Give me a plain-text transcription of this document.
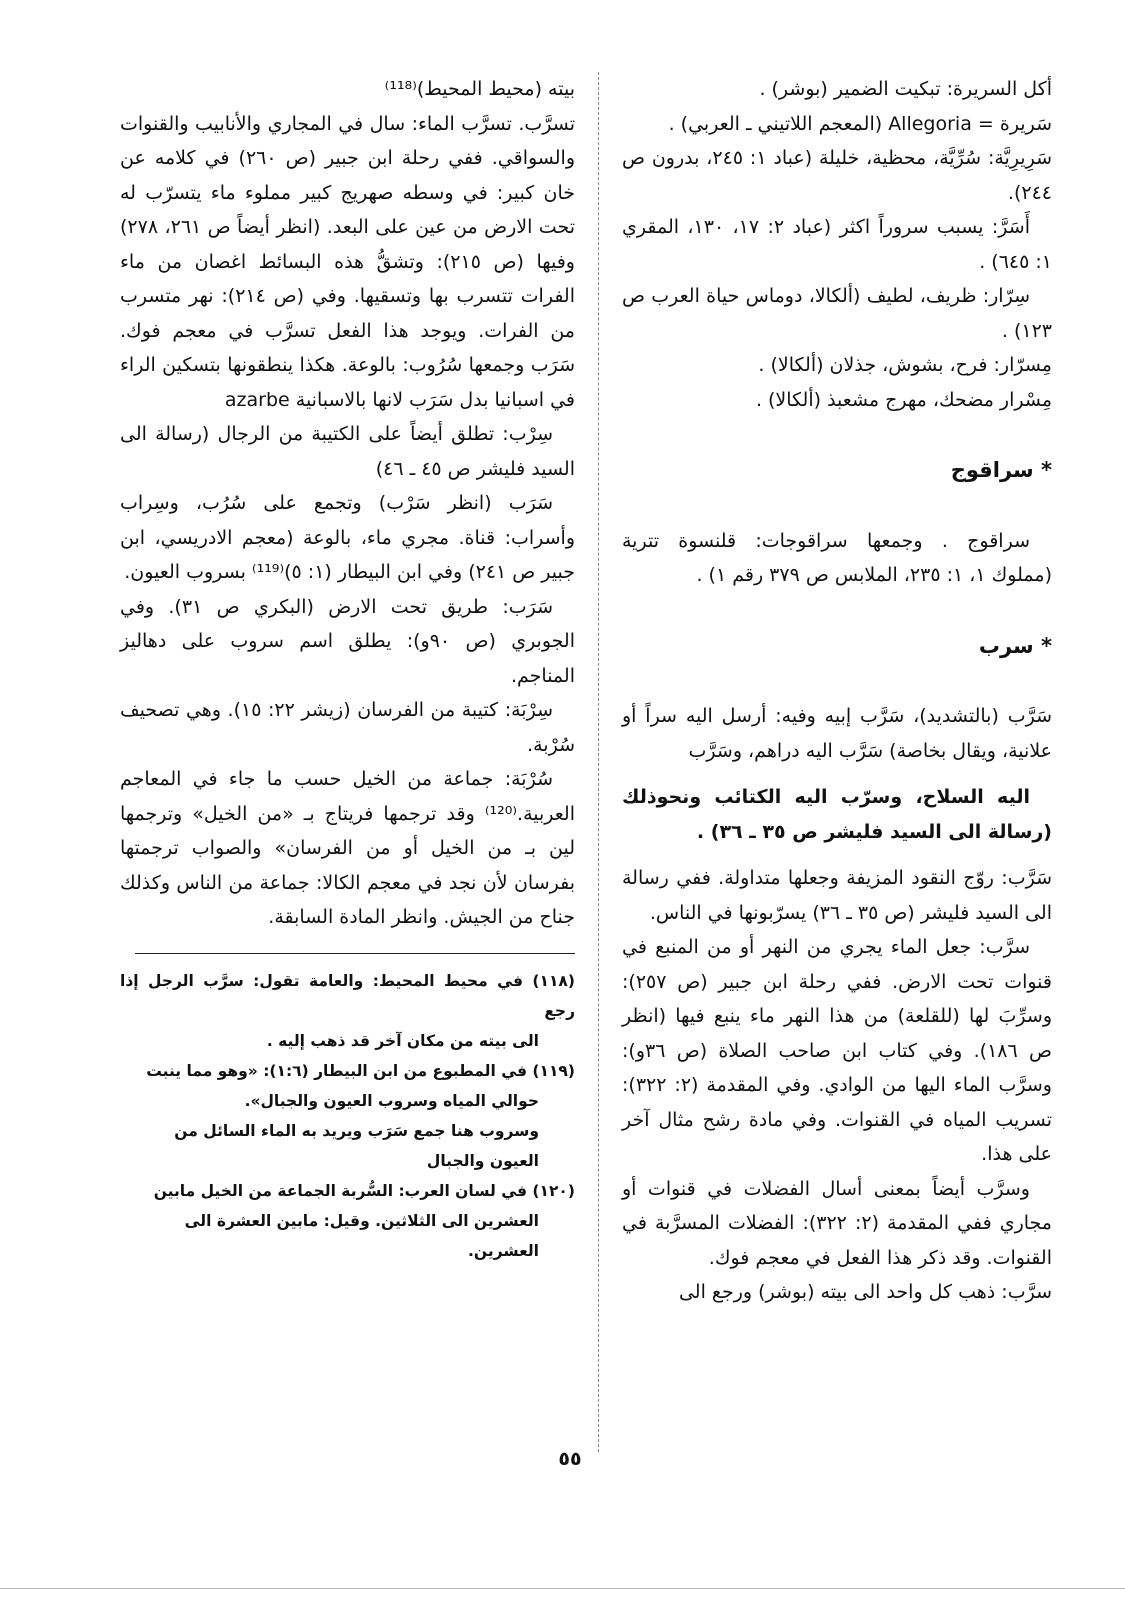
أكل السريرة: تبكيت الضمير (بوشر) .

سَريرة = Allegoria (المعجم اللاتيني ـ العربي) .

سَرِيرِيَّة: سُرِّيَّة، محظية، خليلة (عباد ١: ٢٤٥، بدرون ص ٢٤٤).

أَسَرَّ: يسبب سروراً اكثر (عباد ٢: ١٧، ١٣٠، المقري ١: ٦٤٥) .

سِرّار: ظريف، لطيف (ألكالا، دوماس حياة العرب ص ١٢٣) .

مِسرّار: فرح، بشوش، جذلان (ألكالا) .

مِسْرار مضحك، مهرج مشعبذ (ألكالا) .

* سراقوج

سراقوج . وجمعها سراقوجات: قلنسوة تترية (مملوك ١، ١: ٢٣٥، الملابس ص ٣٧٩ رقم ١) .

* سرب

سَرَّب (بالتشديد)، سَرَّب إبيه وفيه: أرسل اليه سراً أو علانية، ويقال بخاصة) سَرَّب اليه دراهم، وسَرَّب

اليه السلاح، وسرّب اليه الكتائب ونحوذلك (رسالة الى السيد فليشر ص ٣٥ ـ ٣٦) .

سَرَّب: روّج النقود المزيفة وجعلها متداولة. ففي رسالة الى السيد فليشر (ص ٣٥ ـ ٣٦) يسرّبونها في الناس.

سرَّب: جعل الماء يجري من النهر أو من المنبع في قنوات تحت الارض. ففي رحلة ابن جبير (ص ٢٥٧): وسرِّبَ لها (للقلعة) من هذا النهر ماء ينبع فيها (انظر ص ١٨٦). وفي كتاب ابن صاحب الصلاة (ص ٣٦و): وسرَّب الماء اليها من الوادي. وفي المقدمة (٢: ٣٢٢): تسريب المياه في القنوات. وفي مادة رشح مثال آخر على هذا.

وسرَّب أيضاً بمعنى أسال الفضلات في قنوات أو مجاري ففي المقدمة (٢: ٣٢٢): الفضلات المسرَّبة في القنوات. وقد ذكر هذا الفعل في معجم فوك.

سرَّب: ذهب كل واحد الى بيته (بوشر) ورجع الى

بيته (محيط المحيط)⁽¹¹⁸⁾

تسرَّب. تسرَّب الماء: سال في المجاري والأنابيب والقنوات والسواقي. ففي رحلة ابن جبير (ص ٢٦٠) في كلامه عن خان كبير: في وسطه صهريج كبير مملوء ماء يتسرّب له تحت الارض من عين على البعد. (انظر أيضاً ص ٢٦١، ٢٧٨) وفيها (ص ٢١٥): وتشقُّ هذه البسائط اغصان من ماء الفرات تتسرب بها وتسقيها. وفي (ص ٢١٤): نهر متسرب من الفرات. ويوجد هذا الفعل تسرَّب في معجم فوك. سَرَب وجمعها سُرُوب: بالوعة. هكذا ينطقونها بتسكين الراء في اسبانيا بدل سَرَب لانها بالاسبانية azarbe

سِرْب: تطلق أيضاً على الكتيبة من الرجال (رسالة الى السيد فليشر ص ٤٥ ـ ٤٦)

سَرَب (انظر سَرْب) وتجمع على سُرُب، وسِراب وأسراب: قناة. مجري ماء، بالوعة (معجم الادريسي، ابن جبير ص ٢٤١) وفي ابن البيطار (١: ٥)⁽¹¹⁹⁾ بسروب العيون.

سَرَب: طريق تحت الارض (البكري ص ٣١). وفي الجوبري (ص ٩٠و): يطلق اسم سروب على دهاليز المناجم.

سِرْبَة: كتيبة من الفرسان (زيشر ٢٢: ١٥). وهي تصحيف سُرْبة.

سُرْبَة: جماعة من الخيل حسب ما جاء في المعاجم العربية.⁽¹²⁰⁾ وقد ترجمها فريتاج بـ «من الخيل» وترجمها لين بـ من الخيل أو من الفرسان» والصواب ترجمتها بفرسان لأن نجد في معجم الكالا: جماعة من الناس وكذلك جناح من الجيش. وانظر المادة السابقة.

(١١٨) في محيط المحيط: والعامة تقول: سرَّب الرجل إذا رجع

الى بيته من مكان آخر قد ذهب إليه .

(١١٩) في المطبوع من ابن البيطار (١:٦): «وهو مما ينبت

حوالي المياه وسروب العيون والجبال».

وسروب هنا جمع سَرَب ويريد به الماء السائل من

العيون والجبال

(١٢٠) في لسان العرب: السُّربة الجماعة من الخيل مابين

العشرين الى الثلاثين. وقيل: مابين العشرة الى

العشرين.

٥٥
